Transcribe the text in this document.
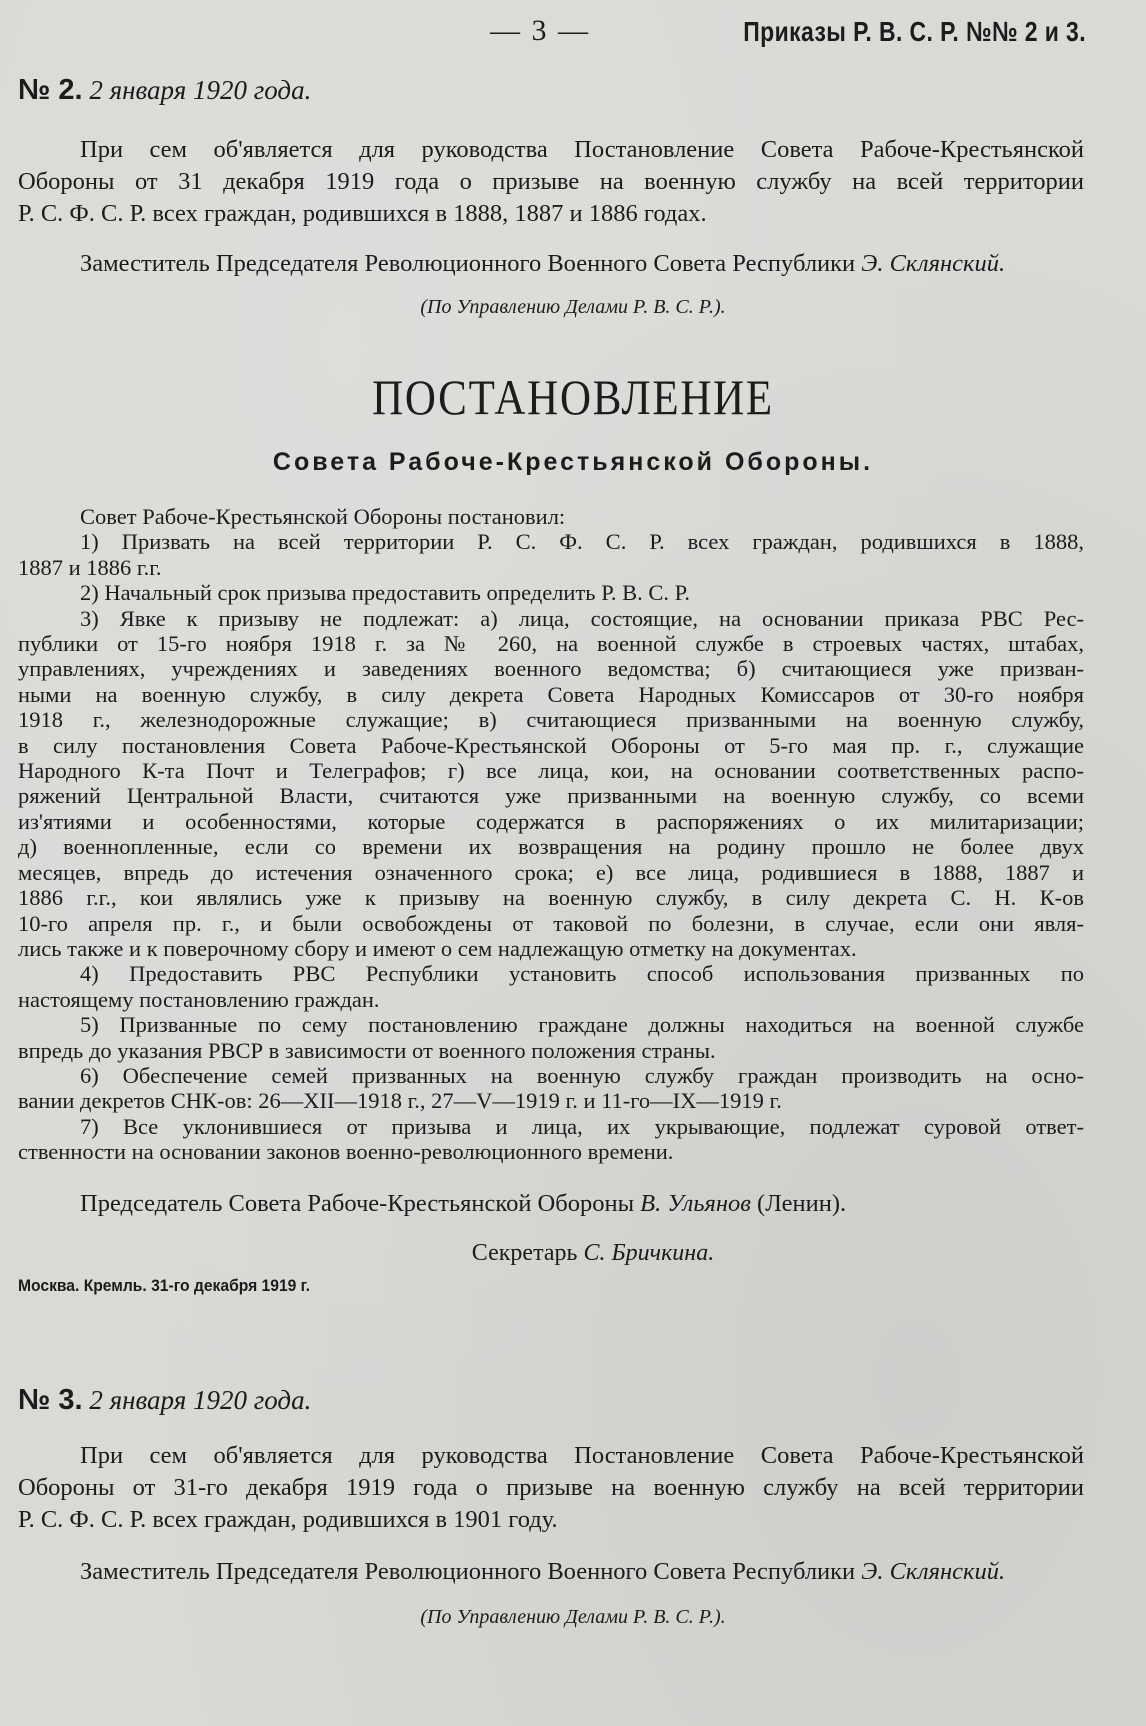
— 3 —	Приказы Р. В. С. Р. №№ 2 и 3.
№ 2. 2 января 1920 года.
При сем об'является для руководства Постановление Совета Рабоче-Крестьянской
Обороны от 31 декабря 1919 года о призыве на военную службу на всей территории
Р. С. Ф. С. Р. всех граждан, родившихся в 1888, 1887 и 1886 годах.
Заместитель Председателя Революционного Военного Совета Республики Э. Склянский.
(По Управлению Делами Р. В. С. Р.).
ПОСТАНОВЛЕНИЕ
Совета Рабоче-Крестьянской Обороны.
Совет Рабоче-Крестьянской Обороны постановил:
1) Призвать на всей территории Р. С. Ф. С. Р. всех граждан, родившихся в 1888,
1887 и 1886 г.г.
2) Начальный срок призыва предоставить определить Р. В. С. Р.
3) Явке к призыву не подлежат: а) лица, состоящие, на основании приказа РВС Рес-
публики от 15-го ноября 1918 г. за № 260, на военной службе в строевых частях, штабах,
управлениях, учреждениях и заведениях военного ведомства; б) считающиеся уже призван-
ными на военную службу, в силу декрета Совета Народных Комиссаров от 30-го ноября
1918 г., железнодорожные служащие; в) считающиеся призванными на военную службу,
в силу постановления Совета Рабоче-Крестьянской Обороны от 5-го мая пр. г., служащие
Народного К-та Почт и Телеграфов; г) все лица, кои, на основании соответственных распо-
ряжений Центральной Власти, считаются уже призванными на военную службу, со всеми
из'ятиями и особенностями, которые содержатся в распоряжениях о их милитаризации;
д) военнопленные, если со времени их возвращения на родину прошло не более двух
месяцев, впредь до истечения означенного срока; е) все лица, родившиеся в 1888, 1887 и
1886 г.г., кои являлись уже к призыву на военную службу, в силу декрета С. Н. К-ов
10-го апреля пр. г., и были освобождены от таковой по болезни, в случае, если они явля-
лись также и к поверочному сбору и имеют о сем надлежащую отметку на документах.
4) Предоставить РВС Республики установить способ использования призванных по
настоящему постановлению граждан.
5) Призванные по сему постановлению граждане должны находиться на военной службе
впредь до указания РВСР в зависимости от военного положения страны.
6) Обеспечение семей призванных на военную службу граждан производить на осно-
вании декретов СНК-ов: 26—XII—1918 г., 27—V—1919 г. и 11-го—IX—1919 г.
7) Все уклонившиеся от призыва и лица, их укрывающие, подлежат суровой ответ-
ственности на основании законов военно-революционного времени.
Председатель Совета Рабоче-Крестьянской Обороны В. Ульянов (Ленин).
Секретарь С. Бричкина.
Москва. Кремль. 31-го декабря 1919 г.
№ 3. 2 января 1920 года.
При сем об'является для руководства Постановление Совета Рабоче-Крестьянской
Обороны от 31-го декабря 1919 года о призыве на военную службу на всей территории
Р. С. Ф. С. Р. всех граждан, родившихся в 1901 году.
Заместитель Председателя Революционного Военного Совета Республики Э. Склянский.
(По Управлению Делами Р. В. С. Р.).
